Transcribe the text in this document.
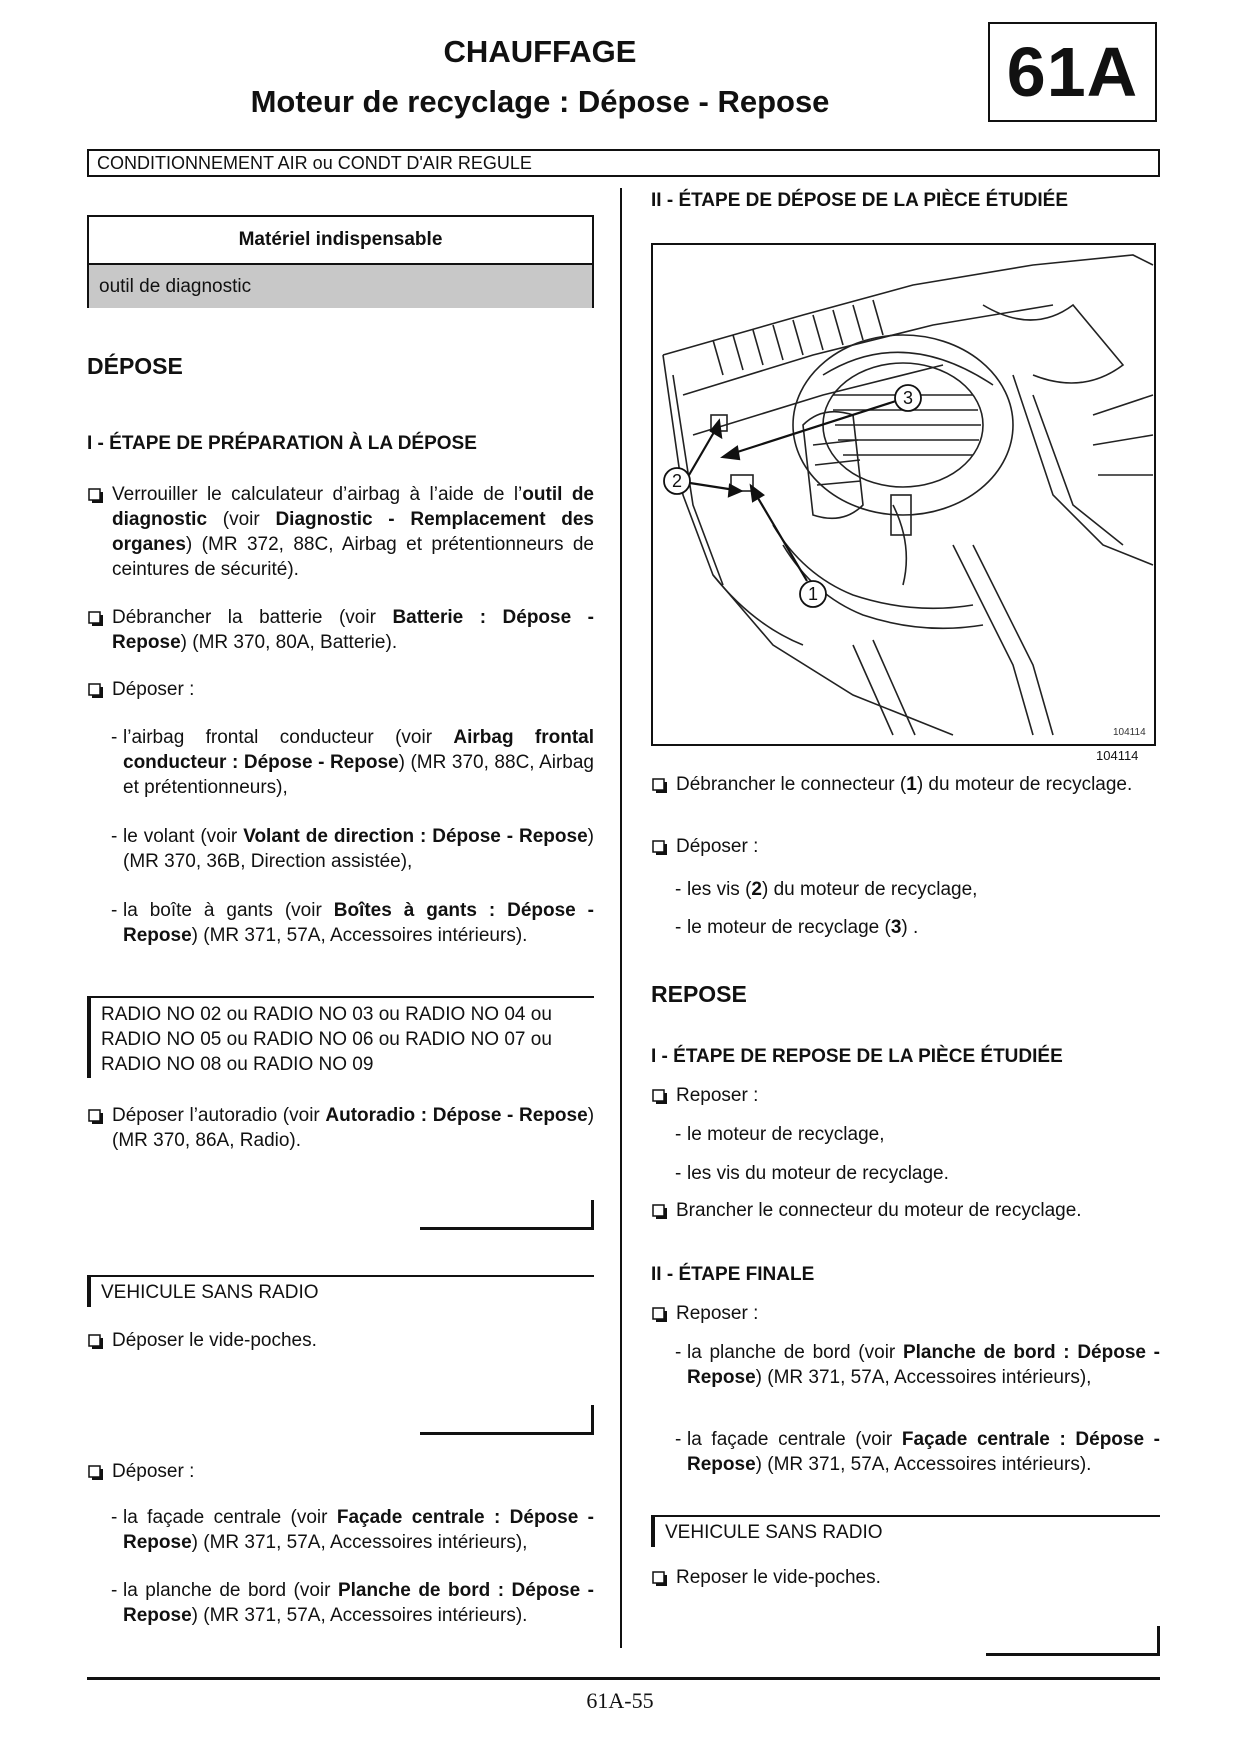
CHAUFFAGE
Moteur de recyclage : Dépose - Repose	61A
CONDITIONNEMENT AIR ou CONDT D'AIR REGULE
Matériel indispensable
outil de diagnostic
DÉPOSE
I - ÉTAPE DE PRÉPARATION À LA DÉPOSE
Verrouiller le calculateur d’airbag à l’aide de l’outil de diagnostic (voir Diagnostic - Remplacement des organes) (MR 372, 88C, Airbag et prétentionneurs de ceintures de sécurité).
Débrancher la batterie (voir Batterie : Dépose - Repose) (MR 370, 80A, Batterie).
Déposer :
- l’airbag frontal conducteur (voir Airbag frontal conducteur : Dépose - Repose) (MR 370, 88C, Airbag et prétentionneurs),
- le volant (voir Volant de direction : Dépose - Repose) (MR 370, 36B, Direction assistée),
- la boîte à gants (voir Boîtes à gants : Dépose - Repose) (MR 371, 57A, Accessoires intérieurs).
RADIO NO 02 ou RADIO NO 03 ou RADIO NO 04 ou RADIO NO 05 ou RADIO NO 06 ou RADIO NO 07 ou RADIO NO 08 ou RADIO NO 09
Déposer l’autoradio (voir Autoradio : Dépose - Repose) (MR 370, 86A, Radio).
VEHICULE SANS RADIO
Déposer le vide-poches.
Déposer :
- la façade centrale (voir Façade centrale : Dépose - Repose) (MR 371, 57A, Accessoires intérieurs),
- la planche de bord (voir Planche de bord : Dépose - Repose) (MR 371, 57A, Accessoires intérieurs).
II - ÉTAPE DE DÉPOSE DE LA PIÈCE ÉTUDIÉE
3
2
1
104114
104114
Débrancher le connecteur (1) du moteur de recyclage.
Déposer :
- les vis (2) du moteur de recyclage,
- le moteur de recyclage (3) .
REPOSE
I - ÉTAPE DE REPOSE DE LA PIÈCE ÉTUDIÉE
Reposer :
- le moteur de recyclage,
- les vis du moteur de recyclage.
Brancher le connecteur du moteur de recyclage.
II - ÉTAPE FINALE
Reposer :
- la planche de bord (voir Planche de bord : Dépose - Repose) (MR 371, 57A, Accessoires intérieurs),
- la façade centrale (voir Façade centrale : Dépose - Repose) (MR 371, 57A, Accessoires intérieurs).
VEHICULE SANS RADIO
Reposer le vide-poches.
61A-55
